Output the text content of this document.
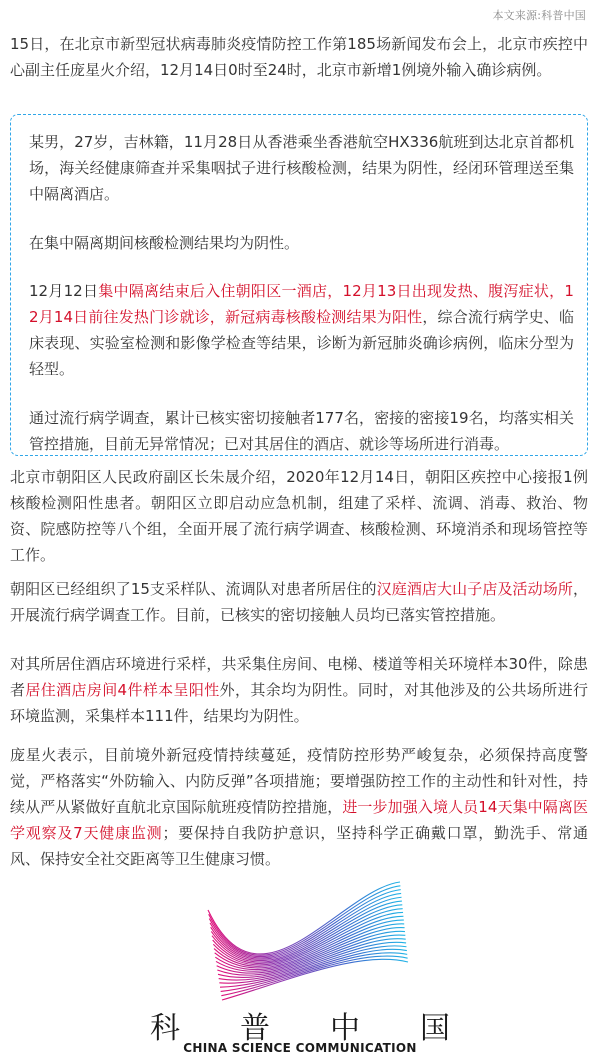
本文来源:科普中国

15日，在北京市新型冠状病毒肺炎疫情防控工作第185场新闻发布会上，北京市疾控中心副主任庞星火介绍，12月14日0时至24时，北京市新增1例境外输入确诊病例。

某男，27岁，吉林籍，11月28日从香港乘坐香港航空HX336航班到达北京首都机场，海关经健康筛查并采集咽拭子进行核酸检测，结果为阴性，经闭环管理送至集中隔离酒店。

在集中隔离期间核酸检测结果均为阴性。

12月12日集中隔离结束后入住朝阳区一酒店，12月13日出现发热、腹泻症状，12月14日前往发热门诊就诊，新冠病毒核酸检测结果为阳性，综合流行病学史、临床表现、实验室检测和影像学检查等结果，诊断为新冠肺炎确诊病例，临床分型为轻型。

通过流行病学调查，累计已核实密切接触者177名，密接的密接19名，均落实相关管控措施，目前无异常情况；已对其居住的酒店、就诊等场所进行消毒。

北京市朝阳区人民政府副区长朱晟介绍，2020年12月14日，朝阳区疾控中心接报1例核酸检测阳性患者。朝阳区立即启动应急机制，组建了采样、流调、消毒、救治、物资、院感防控等八个组，全面开展了流行病学调查、核酸检测、环境消杀和现场管控等工作。

朝阳区已经组织了15支采样队、流调队对患者所居住的汉庭酒店大山子店及活动场所，开展流行病学调查工作。目前，已核实的密切接触人员均已落实管控措施。

对其所居住酒店环境进行采样，共采集住房间、电梯、楼道等相关环境样本30件，除患者居住酒店房间4件样本呈阳性外，其余均为阴性。同时，对其他涉及的公共场所进行环境监测，采集样本111件，结果均为阴性。

庞星火表示，目前境外新冠疫情持续蔓延，疫情防控形势严峻复杂，必须保持高度警觉，严格落实“外防输入、内防反弹”各项措施；要增强防控工作的主动性和针对性，持续从严从紧做好直航北京国际航班疫情防控措施，进一步加强入境人员14天集中隔离医学观察及7天健康监测；要保持自我防护意识，坚持科学正确戴口罩，勤洗手、常通风、保持安全社交距离等卫生健康习惯。

科 普 中 国
CHINA SCIENCE COMMUNICATION
